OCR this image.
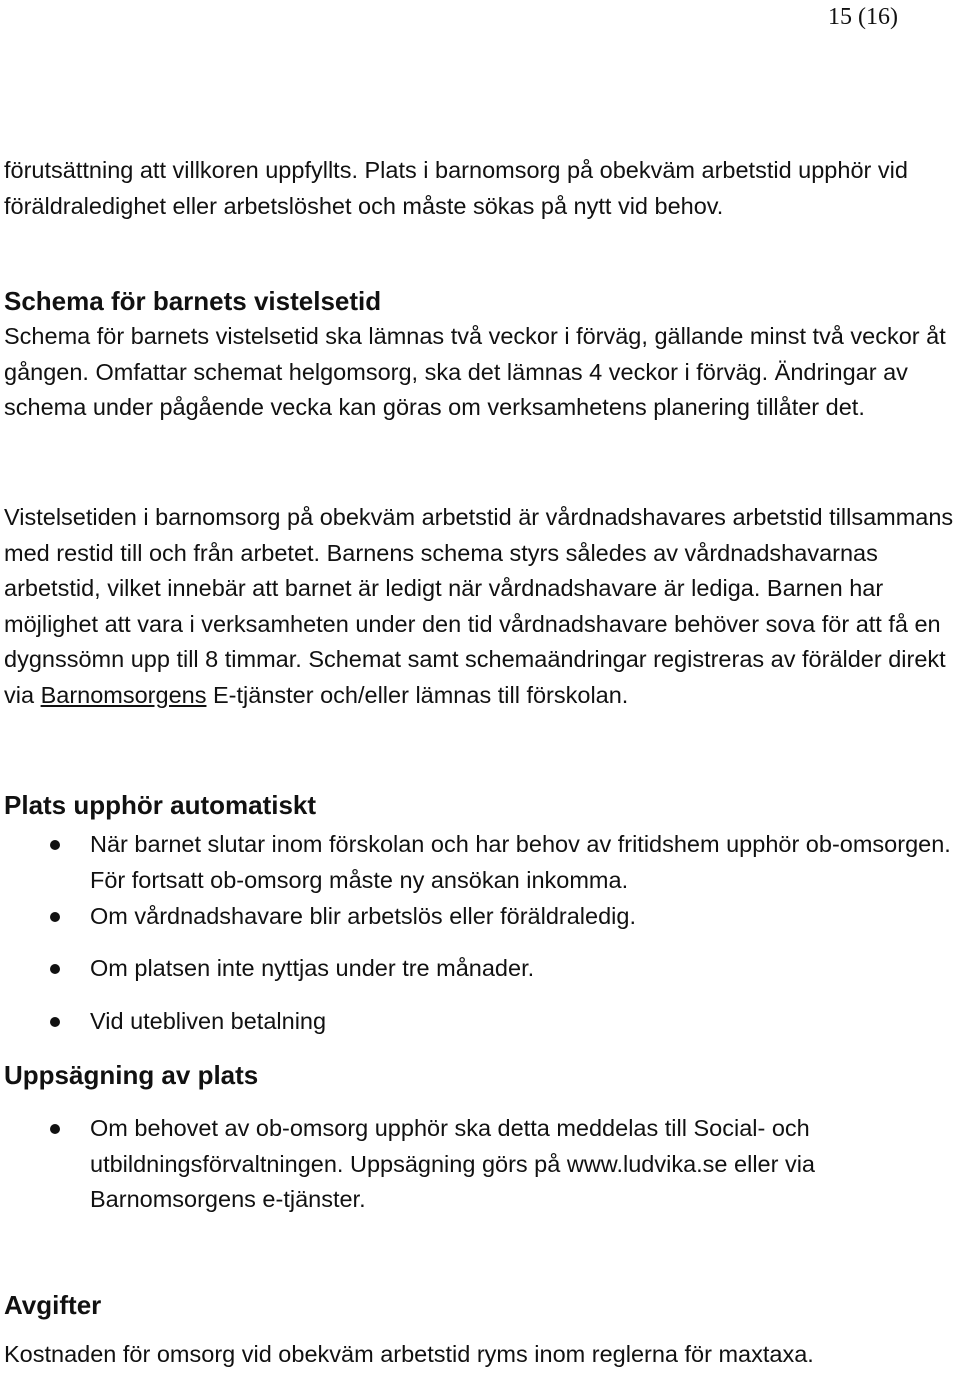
15 (16)

förutsättning att villkoren uppfyllts. Plats i barnomsorg på obekväm arbetstid upphör vid föräldraledighet eller arbetslöshet och måste sökas på nytt vid behov.

Schema för barnets vistelsetid

Schema för barnets vistelsetid ska lämnas två veckor i förväg, gällande minst två veckor åt gången. Omfattar schemat helgomsorg, ska det lämnas 4 veckor i förväg. Ändringar av schema under pågående vecka kan göras om verksamhetens planering tillåter det.

Vistelsetiden i barnomsorg på obekväm arbetstid är vårdnadshavares arbetstid tillsammans med restid till och från arbetet. Barnens schema styrs således av vårdnadshavarnas arbetstid, vilket innebär att barnet är ledigt när vårdnadshavare är lediga. Barnen har möjlighet att vara i verksamheten under den tid vårdnadshavare behöver sova för att få en dygnssömn upp till 8 timmar. Schemat samt schemaändringar registreras av förälder direkt via Barnomsorgens E-tjänster och/eller lämnas till förskolan.

Plats upphör automatiskt
När barnet slutar inom förskolan och har behov av fritidshem upphör ob-omsorgen. För fortsatt ob-omsorg måste ny ansökan inkomma.
Om vårdnadshavare blir arbetslös eller föräldraledig.
Om platsen inte nyttjas under tre månader.
Vid utebliven betalning
Uppsägning av plats
Om behovet av ob-omsorg upphör ska detta meddelas till Social- och utbildningsförvaltningen. Uppsägning görs på www.ludvika.se eller via Barnomsorgens e-tjänster.
Avgifter

Kostnaden för omsorg vid obekväm arbetstid ryms inom reglerna för maxtaxa.
